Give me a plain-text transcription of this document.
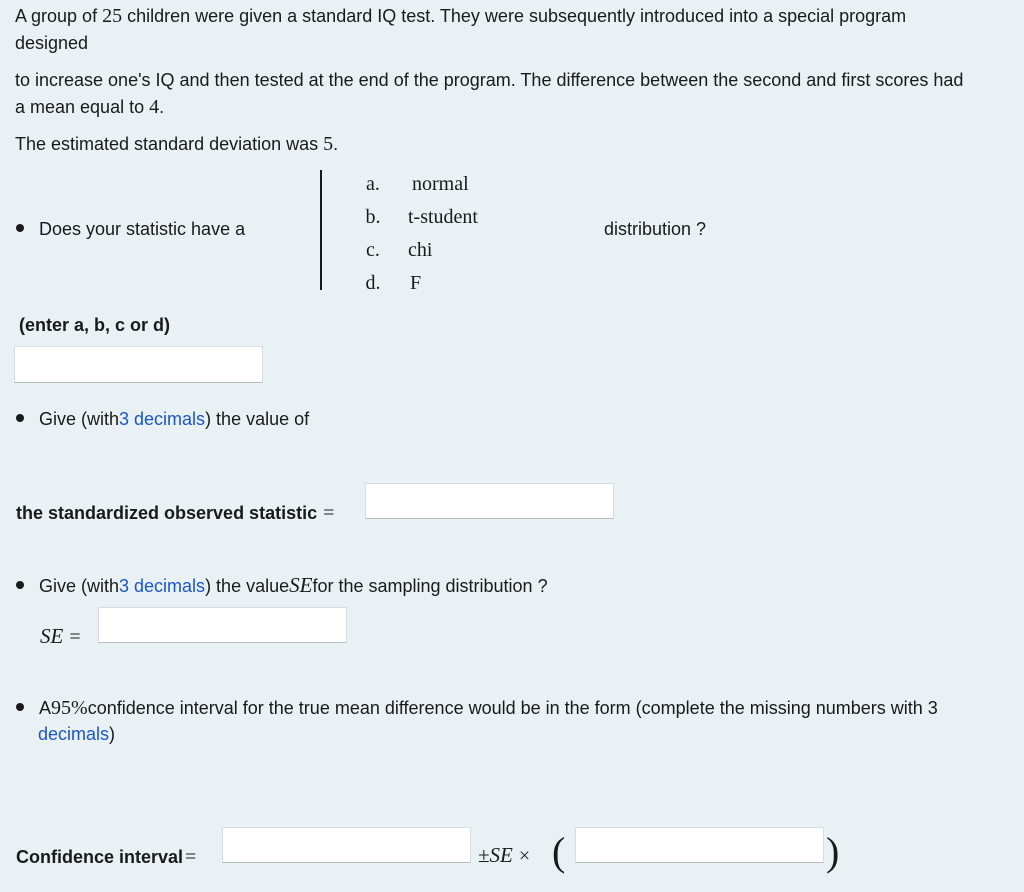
A group of 25 children were given a standard IQ test. They were subsequently introduced into a special program
designed
to increase one's IQ and then tested at the end of the program. The difference between the second and first scores had
a mean equal to 4.
The estimated standard deviation was 5.
Does your statistic have a
a.	normal
b.	t-student
c.	chi
d.	F
distribution ?
(enter a, b, c or d)
Give (with 3 decimals ) the value of
the standardized observed statistic =
Give (with 3 decimals ) the value SE for the sampling distribution ?
SE =
A 95% confidence interval for the true mean difference would be in the form (complete the missing numbers with 3
decimals)
Confidence interval =	±SE × (	)
